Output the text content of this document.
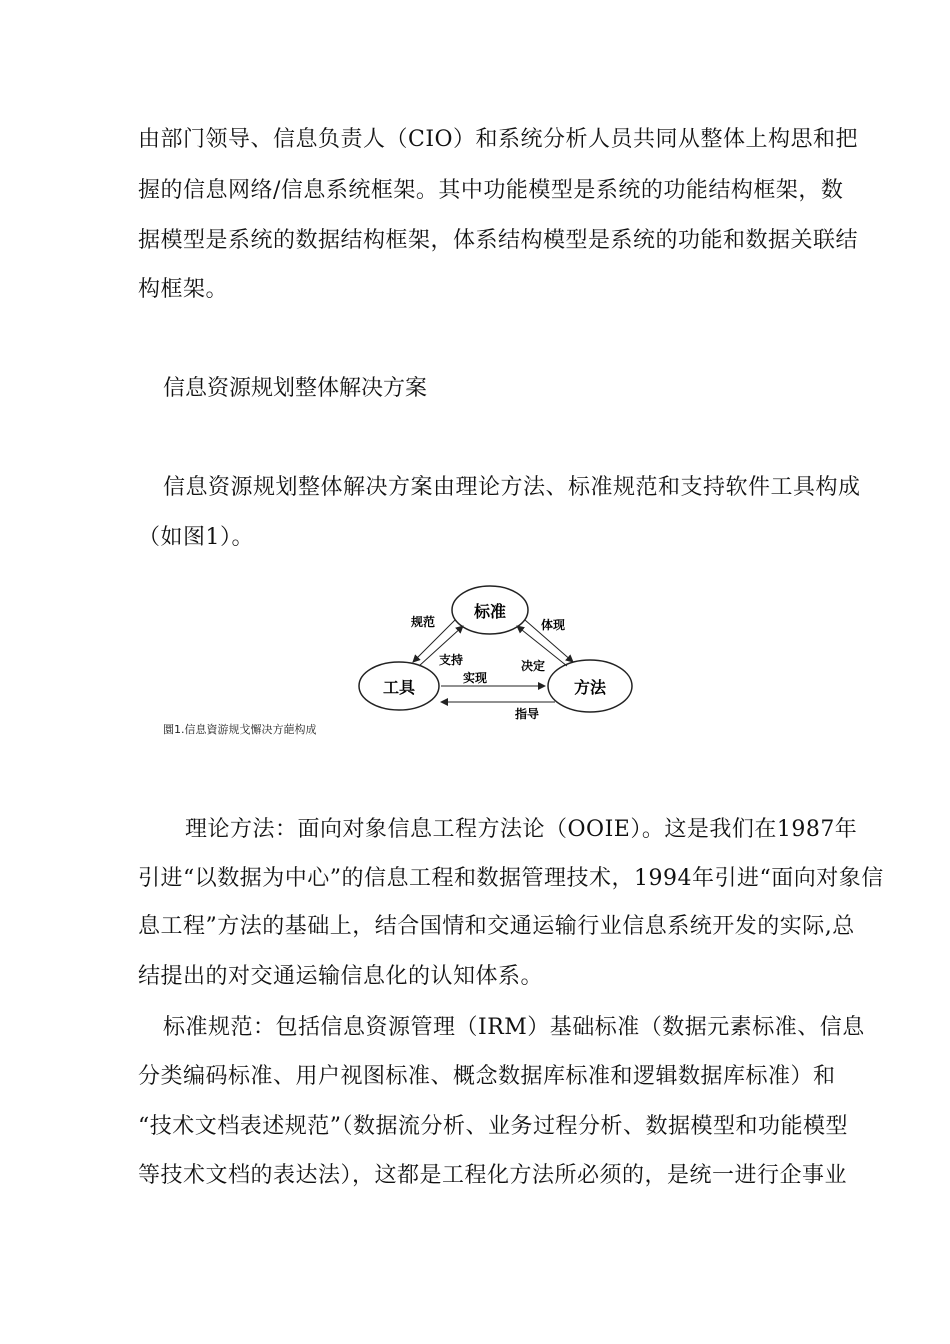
由部门领导、信息负责人（CIO）和系统分析人员共同从整体上构思和把
握的信息网络/信息系统框架。其中功能模型是系统的功能结构框架，数
据模型是系统的数据结构框架，体系结构模型是系统的功能和数据关联结
构框架。
信息资源规划整体解决方案
信息资源规划整体解决方案由理论方法、标准规范和支持软件工具构成
（如图1）。
标准
工具	方法
规范	体现
支持	决定
实现
指导
圜1.信息資游规戈懈决方葩构成
理论方法：面向对象信息工程方法论（OOIE）。这是我们在1987年
引进“以数据为中心”的信息工程和数据管理技术，1994年引进“面向对象信
息工程”方法的基础上，结合国情和交通运输行业信息系统开发的实际,总
结提出的对交通运输信息化的认知体系。
标准规范：包括信息资源管理（IRM）基础标准（数据元素标准、信息
分类编码标准、用户视图标准、概念数据库标准和逻辑数据库标准）和
“技术文档表述规范”（数据流分析、业务过程分析、数据模型和功能模型
等技术文档的表达法），这都是工程化方法所必须的，是统一进行企事业
